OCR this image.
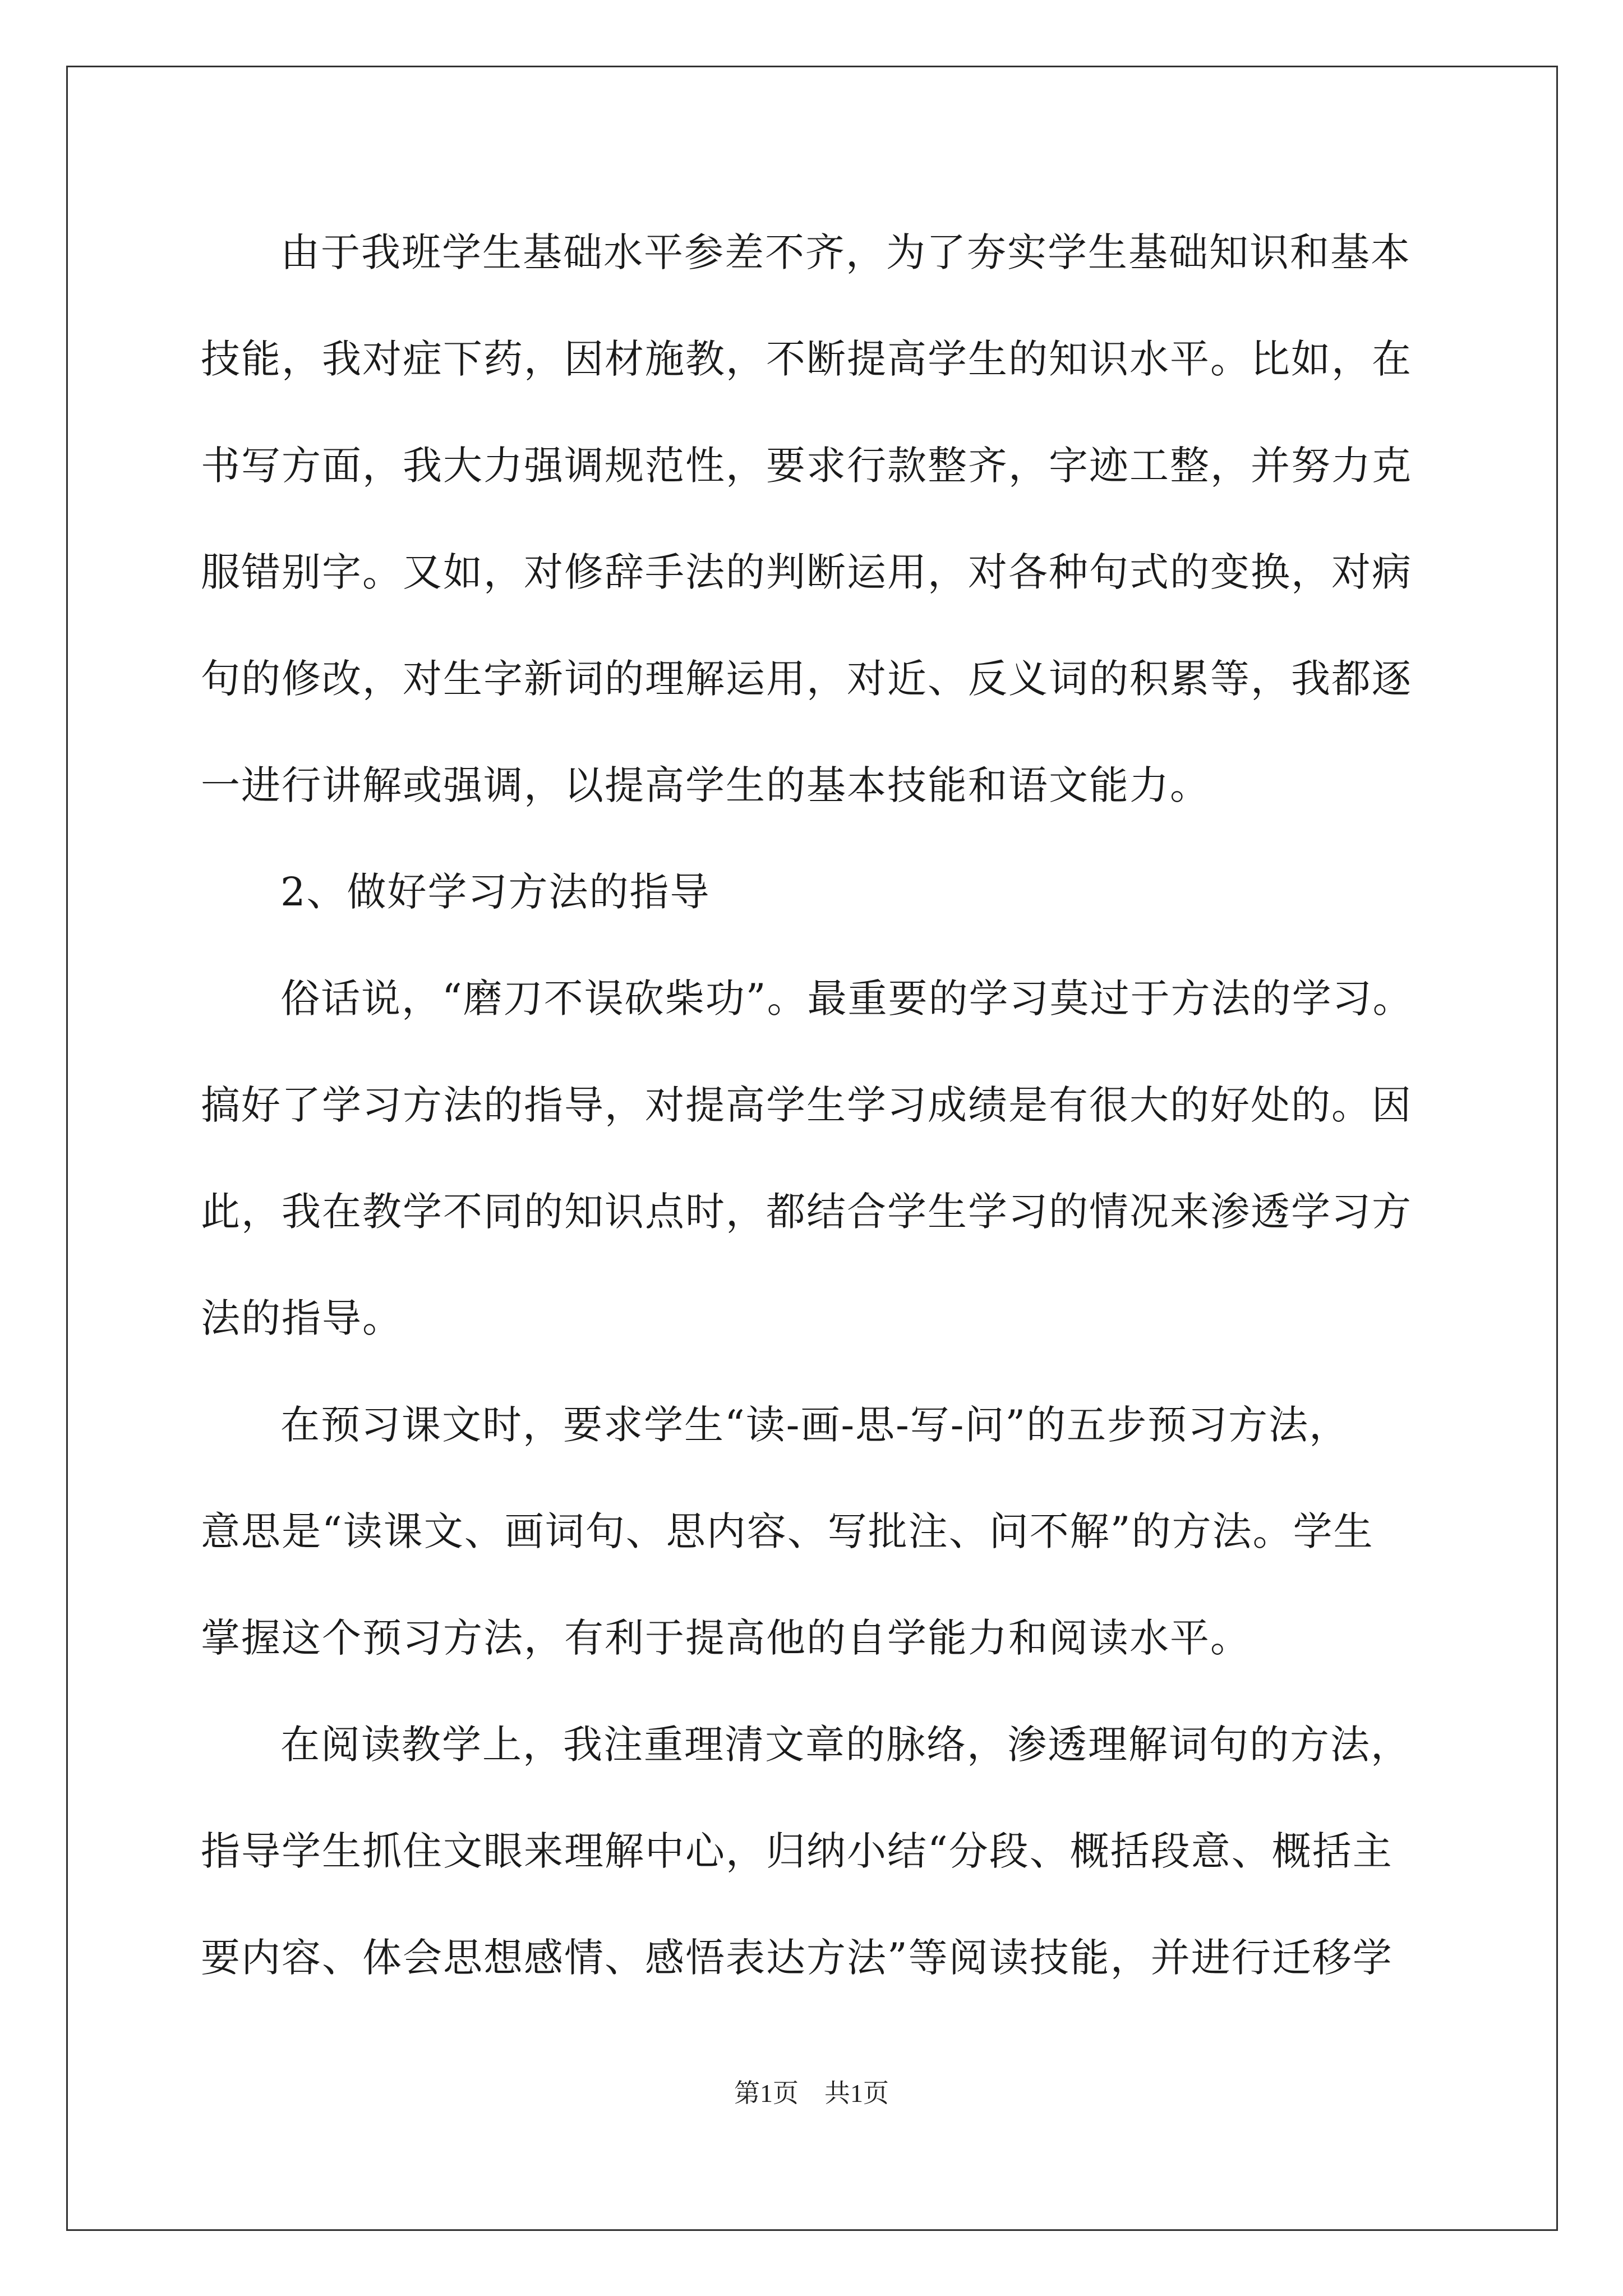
由于我班学生基础水平参差不齐，为了夯实学生基础知识和基本
技能，我对症下药，因材施教，不断提高学生的知识水平。比如，在
书写方面，我大力强调规范性，要求行款整齐，字迹工整，并努力克
服错别字。又如，对修辞手法的判断运用，对各种句式的变换，对病
句的修改，对生字新词的理解运用，对近、反义词的积累等，我都逐
一进行讲解或强调，以提高学生的基本技能和语文能力。
2、做好学习方法的指导
俗话说，“磨刀不误砍柴功”。最重要的学习莫过于方法的学习。
搞好了学习方法的指导，对提高学生学习成绩是有很大的好处的。因
此，我在教学不同的知识点时，都结合学生学习的情况来渗透学习方
法的指导。
在预习课文时，要求学生“读-画-思-写-问”的五步预习方法，
意思是“读课文、画词句、思内容、写批注、问不解”的方法。学生
掌握这个预习方法，有利于提高他的自学能力和阅读水平。
在阅读教学上，我注重理清文章的脉络，渗透理解词句的方法，
指导学生抓住文眼来理解中心，归纳小结“分段、概括段意、概括主
要内容、体会思想感情、感悟表达方法”等阅读技能，并进行迁移学
第1页　共1页
